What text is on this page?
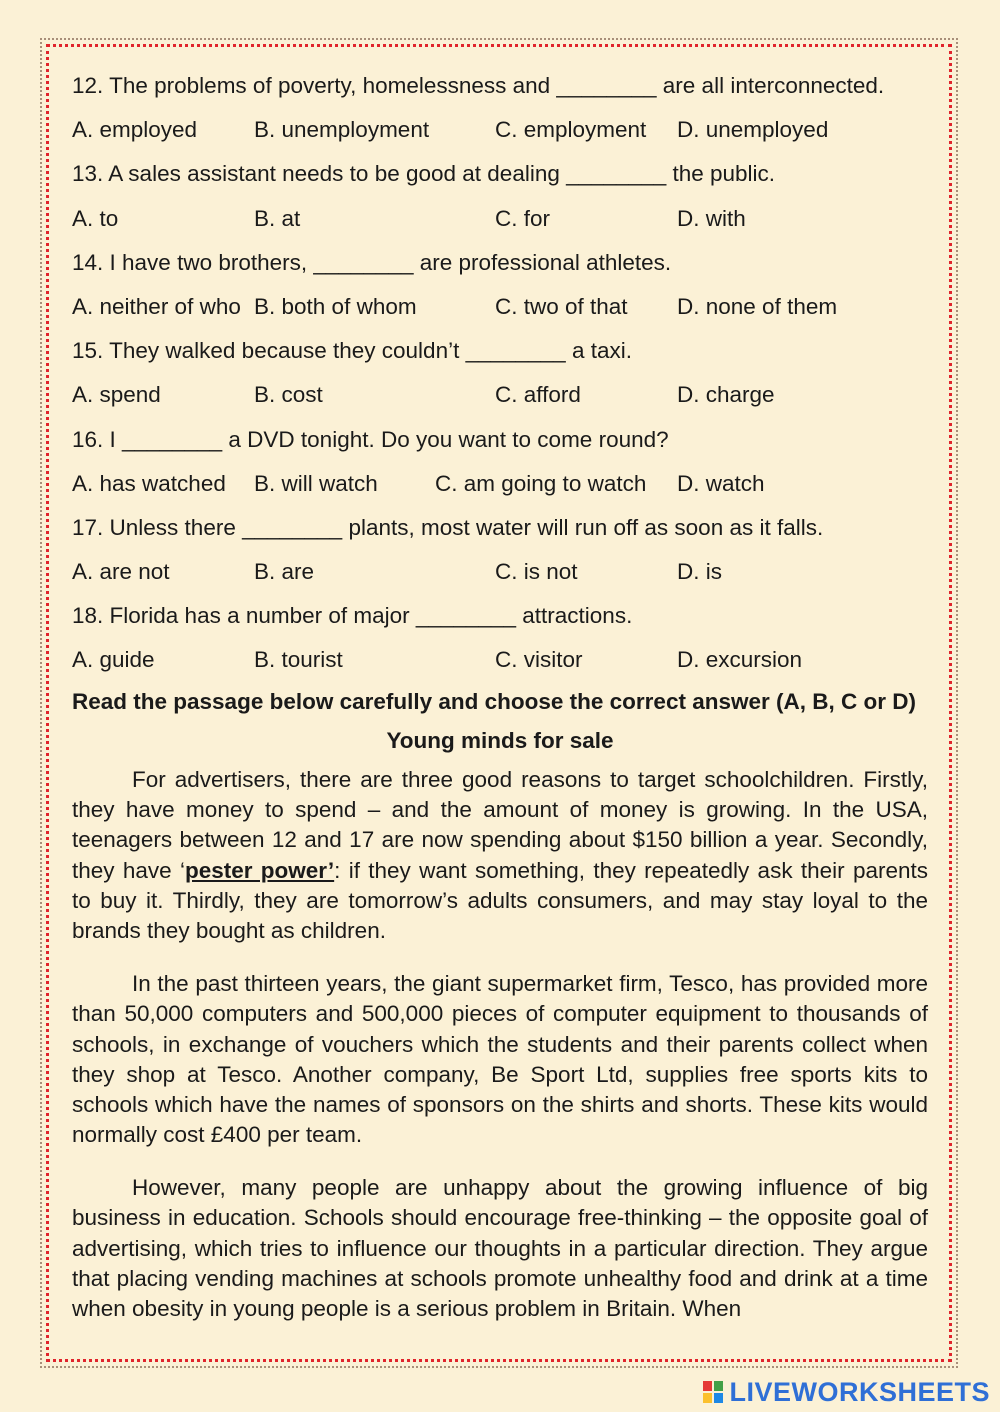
12. The problems of poverty, homelessness and ________ are all interconnected.
A. employed	B. unemployment	C. employment D. unemployed
13. A sales assistant needs to be good at dealing ________ the public.
A. to	B. at	C. for	D. with
14. I have two brothers, ________ are professional athletes.
A. neither of who B. both of whom	C. two of that D. none of them
15. They walked because they couldn’t ________ a taxi.
A. spend	B. cost	C. afford	D. charge
16. I ________ a DVD tonight. Do you want to come round?
A. has watched B. will watch	C. am going to watch D. watch
17. Unless there ________ plants, most water will run off as soon as it falls.
A. are not	B. are	C. is not	D. is
18. Florida has a number of major ________ attractions.
A. guide	B. tourist	C. visitor	D. excursion
Read the passage below carefully and choose the correct answer (A, B, C or D)
Young minds for sale

For advertisers, there are three good reasons to target schoolchildren. Firstly, they have money to spend – and the amount of money is growing. In the USA, teenagers between 12 and 17 are now spending about $150 billion a year. Secondly, they have ‘pester power’: if they want something, they repeatedly ask their parents to buy it. Thirdly, they are tomorrow’s adults consumers, and may stay loyal to the brands they bought as children.

In the past thirteen years, the giant supermarket firm, Tesco, has provided more than 50,000 computers and 500,000 pieces of computer equipment to thousands of schools, in exchange of vouchers which the students and their parents collect when they shop at Tesco. Another company, Be Sport Ltd, supplies free sports kits to schools which have the names of sponsors on the shirts and shorts. These kits would normally cost £400 per team.

However, many people are unhappy about the growing influence of big business in education. Schools should encourage free-thinking – the opposite goal of advertising, which tries to influence our thoughts in a particular direction. They argue that placing vending machines at schools promote unhealthy food and drink at a time when obesity in young people is a serious problem in Britain. When

LIVEWORKSHEETS
